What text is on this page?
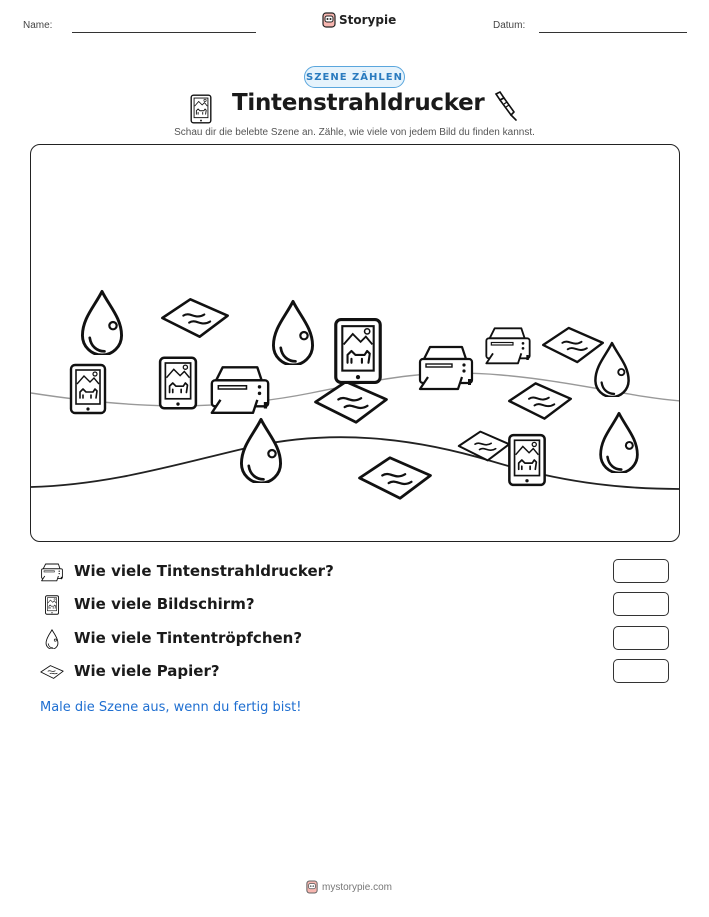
Name:	Datum:
Storypie
SZENE ZÄHLEN
Tintenstrahldrucker
Schau dir die belebte Szene an. Zähle, wie viele von jedem Bild du finden kannst.
Wie viele Tintenstrahldrucker?
Wie viele Bildschirm?
Wie viele Tintentröpfchen?
Wie viele Papier?
Male die Szene aus, wenn du fertig bist!
mystorypie.com
